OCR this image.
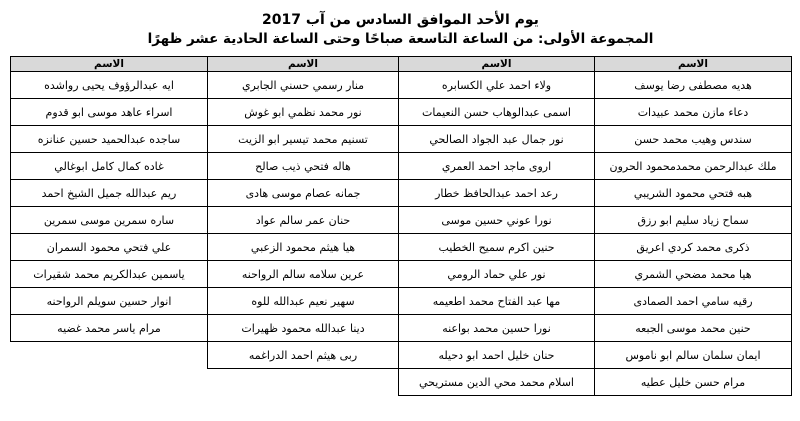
يوم الأحد الموافق السادس من آب 2017
المجموعة الأولى: من الساعة التاسعة صباحًا وحتى الساعة الحادية عشر ظهرًا
الاسم	الاسم	الاسم	الاسم
هديه مصطفى رضا يوسف	ولاء احمد علي الكسابره	منار رسمي حسني الجابري	ايه عبدالرؤوف يحيى رواشده
دعاء مازن محمد عبيدات	اسمى عبدالوهاب حسن النعيمات	نور محمد نظمي ابو غوش	اسراء عاهد موسى ابو قدوم
سندس وهيب محمد حسن	نور جمال عبد الجواد الصالحي	تسنيم محمد تيسير ابو الزيت	ساجده عبدالحميد حسين عنانزه
ملك عبدالرحمن محمدمحمود الحرون	اروى ماجد احمد العمري	هاله فتحي ذيب صالح	غاده كمال كامل ابوغالي
هبه فتحي محمود الشريبي	رعد احمد عبدالحافظ خطار	جمانه عصام موسى هادى	ريم عبدالله جميل الشيخ احمد
سماح زياد سليم ابو رزق	نورا عوني حسين موسى	حنان عمر سالم عواد	ساره سمرين موسى سمرين
ذكرى محمد كردي اعريق	حنين اكرم سميح الخطيب	هيا هيثم محمود الزعبي	علي فتحي محمود السمران
هيا محمد مضحي الشمري	نور علي حماد الرومي	عرين سلامه سالم الرواحنه	ياسمين عبدالكريم محمد شقيرات
رقيه سامي احمد الصمادى	مها عبد الفتاح محمد اطعيمه	سهير نعيم عبدالله للوه	انوار حسين سويلم الرواحنه
حنين محمد موسى الجبعه	نورا حسين محمد بواعنه	دينا عبدالله محمود ظهيرات	مرام ياسر محمد غضيه
ايمان سلمان سالم ابو ناموس	حنان خليل احمد ابو دحيله	ربى هيثم احمد الدراغمه	
مرام حسن خليل عطيه	اسلام محمد محي الدين مستريحي		
